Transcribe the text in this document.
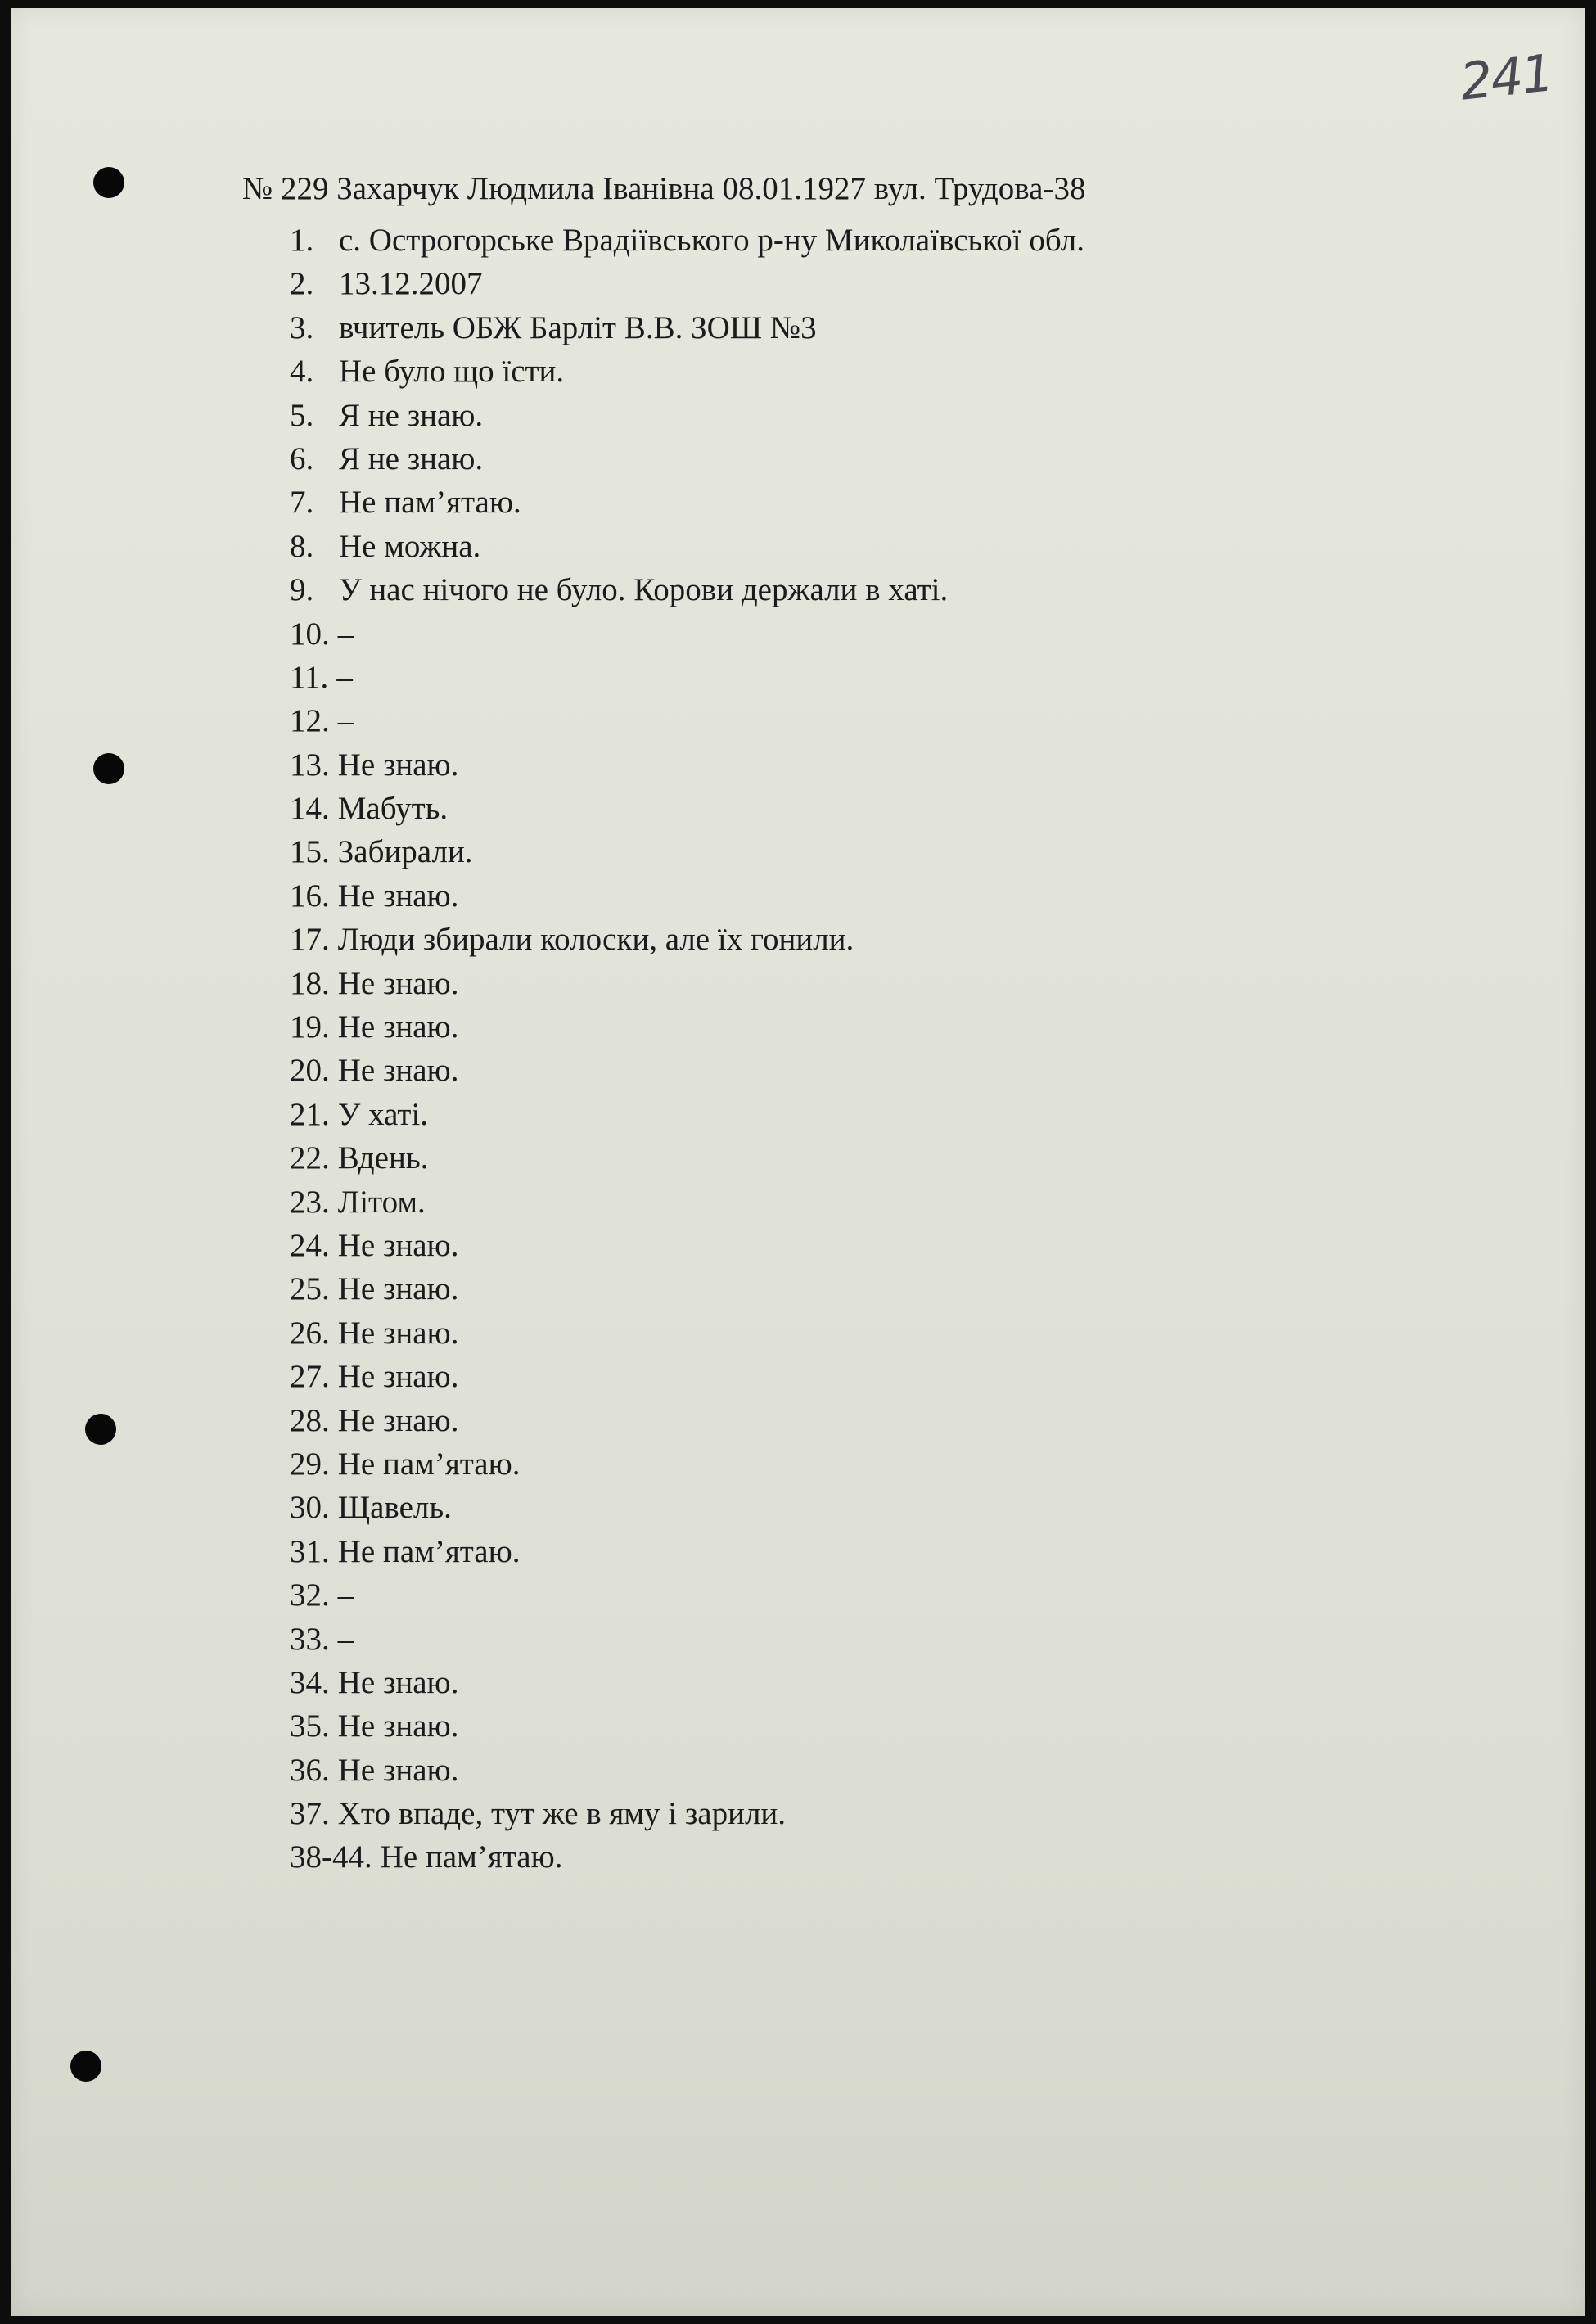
241
№ 229 Захарчук Людмила Іванівна 08.01.1927 вул. Трудова-38
1. с. Острогорське Врадіївського р-ну Миколаївської обл.
2. 13.12.2007
3. вчитель ОБЖ Барліт В.В. ЗОШ №3
4. Не було що їсти.
5. Я не знаю.
6. Я не знаю.
7. Не пам’ятаю.
8. Не можна.
9. У нас нічого не було. Корови держали в хаті.
10. –
11. –
12. –
13. Не знаю.
14. Мабуть.
15. Забирали.
16. Не знаю.
17. Люди збирали колоски, але їх гонили.
18. Не знаю.
19. Не знаю.
20. Не знаю.
21. У хаті.
22. Вдень.
23. Літом.
24. Не знаю.
25. Не знаю.
26. Не знаю.
27. Не знаю.
28. Не знаю.
29. Не пам’ятаю.
30. Щавель.
31. Не пам’ятаю.
32. –
33. –
34. Не знаю.
35. Не знаю.
36. Не знаю.
37. Хто впаде, тут же в яму і зарили.
38-44. Не пам’ятаю.
